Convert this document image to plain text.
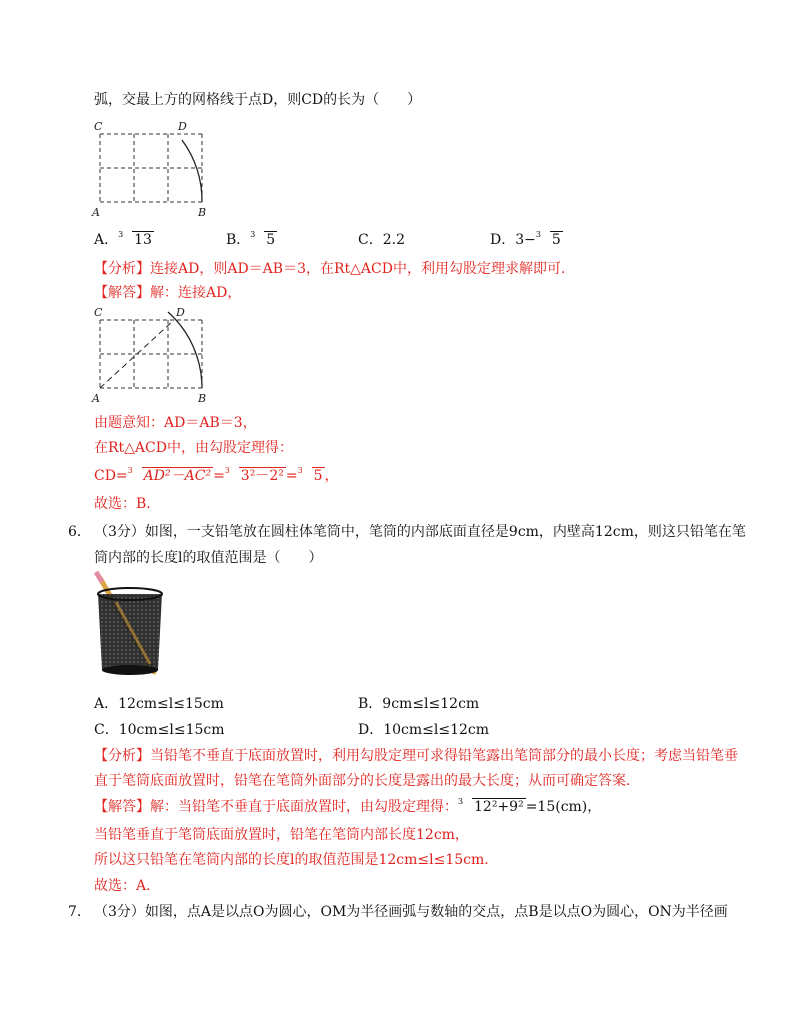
弧，交最上方的网格线于点D，则CD的长为（　　）
C	D
A	B
A． 3 13	B． 3 5	C．2.2	D．3− 3 5
【分析】连接AD，则AD＝AB＝3，在Rt△ACD中，利用勾股定理求解即可．
【解答】解：连接AD，
C	D
A	B
由题意知：AD＝AB＝3，
在Rt△ACD中，由勾股定理得：
CD= 3 AD²－AC² = 3 3²－2² = 3 5 ，
故选：B．
6． （3分）如图，一支铅笔放在圆柱体笔筒中，笔筒的内部底面直径是9cm，内壁高12cm，则这只铅笔在笔
筒内部的长度l的取值范围是（　　）
A．12cm≤l≤15cm	B．9cm≤l≤12cm
C．10cm≤l≤15cm	D．10cm≤l≤12cm
【分析】当铅笔不垂直于底面放置时，利用勾股定理可求得铅笔露出笔筒部分的最小长度；考虑当铅笔垂
直于笔筒底面放置时，铅笔在笔筒外面部分的长度是露出的最大长度；从而可确定答案．
【解答】解：当铅笔不垂直于底面放置时，由勾股定理得： 3 12²+9² =15(cm)，
当铅笔垂直于笔筒底面放置时，铅笔在笔筒内部长度12cm，
所以这只铅笔在笔筒内部的长度l的取值范围是12cm≤l≤15cm．
故选：A．
7． （3分）如图，点A是以点O为圆心，OM为半径画弧与数轴的交点，点B是以点O为圆心，ON为半径画
